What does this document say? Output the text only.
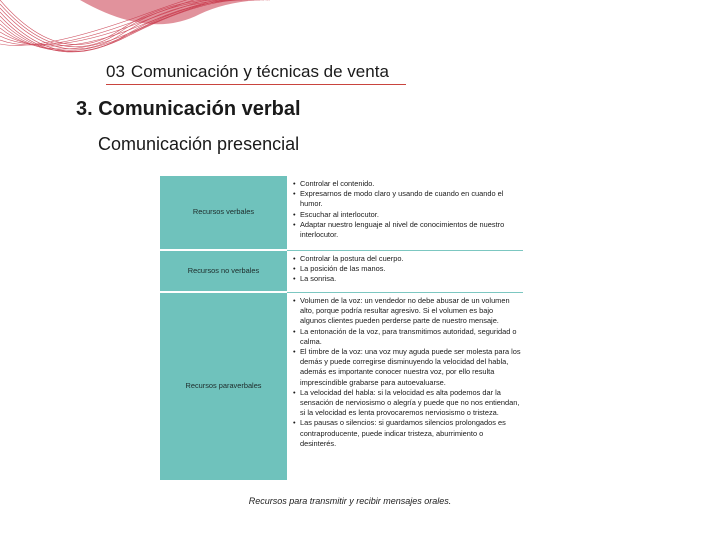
03 Comunicación y técnicas de venta
3. Comunicación verbal
Comunicación presencial
Recursos verbales
• Controlar el contenido.
• Expresarnos de modo claro y usando de cuando en cuando el humor.
• Escuchar al interlocutor.
• Adaptar nuestro lenguaje al nivel de conocimientos de nuestro interlocutor.
Recursos no verbales
• Controlar la postura del cuerpo.
• La posición de las manos.
• La sonrisa.
Recursos paraverbales
• Volumen de la voz: un vendedor no debe abusar de un volumen alto, porque podría resultar agresivo. Si el volumen es bajo algunos clientes pueden perderse parte de nuestro mensaje.
• La entonación de la voz, para transmitimos autoridad, seguridad o calma.
• El timbre de la voz: una voz muy aguda puede ser molesta para los demás y puede corregirse disminuyendo la velocidad del habla, además es importante conocer nuestra voz, por ello resulta imprescindible grabarse para autoevaluarse.
• La velocidad del habla: si la velocidad es alta podemos dar la sensación de nerviosismo o alegría y puede que no nos entiendan, si la velocidad es lenta provocaremos nerviosismo o tristeza.
• Las pausas o silencios: si guardamos silencios prolongados es contraproducente, puede indicar tristeza, aburrimiento o desinterés.
Recursos para transmitir y recibir mensajes orales.
